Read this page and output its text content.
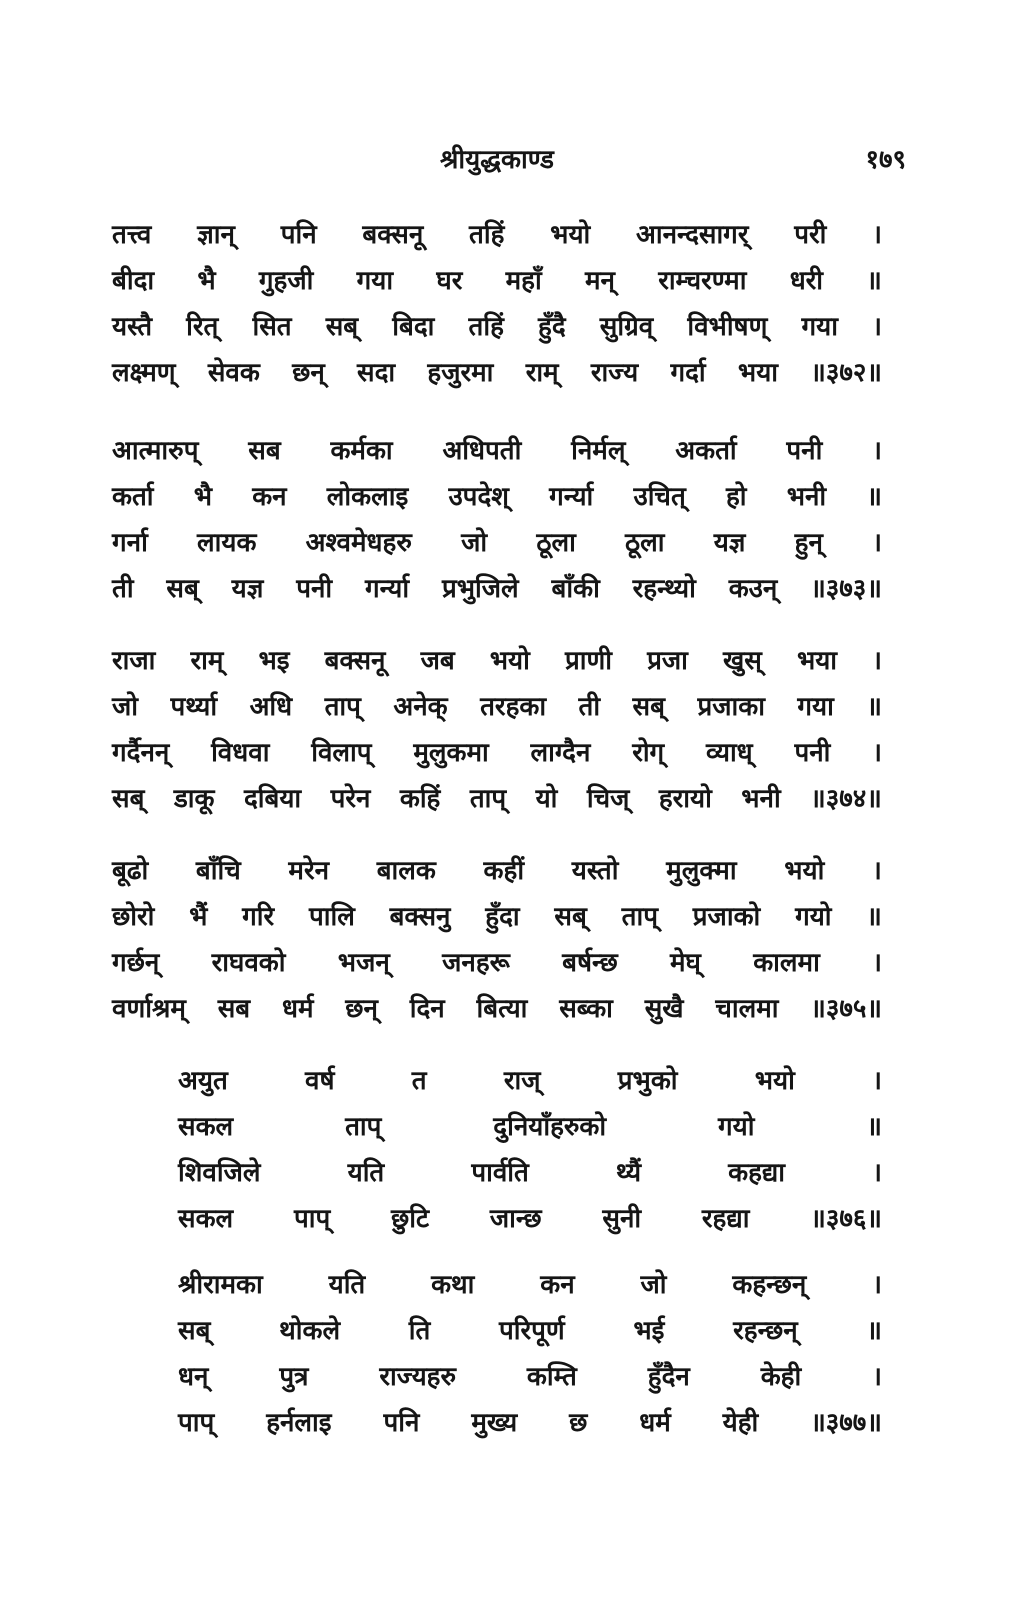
श्रीयुद्धकाण्ड	१७९
तत्त्व ज्ञान् पनि बक्सनू तहिं भयो आनन्दसागर् परी ।
बीदा भै गुहजी गया घर महाँ मन् राम्चरण्मा धरी ॥
यस्तै रित् सित सब् बिदा तहिं हुँदै सुग्रिव् विभीषण् गया ।
लक्ष्मण् सेवक छन् सदा हजुरमा राम् राज्य गर्दा भया ॥३७२॥
आत्मारुप् सब कर्मका अधिपती निर्मल् अकर्ता पनी ।
कर्ता भै कन लोकलाइ उपदेश् गर्न्या उचित् हो भनी ॥
गर्ना लायक अश्वमेधहरु जो ठूला ठूला यज्ञ हुन् ।
ती सब् यज्ञ पनी गर्न्या प्रभुजिले बाँकी रहन्थ्यो कउन् ॥३७३॥
राजा राम् भइ बक्सनू जब भयो प्राणी प्रजा खुस् भया ।
जो पर्थ्या अधि ताप् अनेक् तरहका ती सब् प्रजाका गया ॥
गर्दैनन् विधवा विलाप् मुलुकमा लाग्दैन रोग् व्याध् पनी ।
सब् डाकू दबिया परेन कहिं ताप् यो चिज् हरायो भनी ॥३७४॥
बूढो बाँचि मरेन बालक कहीं यस्तो मुलुक्मा भयो ।
छोरो भैं गरि पालि बक्सनु हुँदा सब् ताप् प्रजाको गयो ॥
गर्छन् राघवको भजन् जनहरू बर्षन्छ मेघ् कालमा ।
वर्णाश्रम् सब धर्म छन् दिन बित्या सब्का सुखै चालमा ॥३७५॥
अयुत	वर्ष	त	राज्	प्रभुको	भयो	।
सकल	ताप्	दुनियाँहरुको	गयो	॥
शिवजिले	यति	पार्वति	थ्यैं	कहद्या	।
सकल पाप् छुटि जान्छ सुनी रहद्या ॥३७६॥
श्रीरामका	यति	कथा	कन	जो	कहन्छन्	।
सब्	थोकले	ति	परिपूर्ण	भई	रहन्छन्	॥
धन्	पुत्र	राज्यहरु	कम्ति	हुँदैन	केही	।
पाप् हर्नलाइ पनि मुख्य छ धर्म येही ॥३७७॥
